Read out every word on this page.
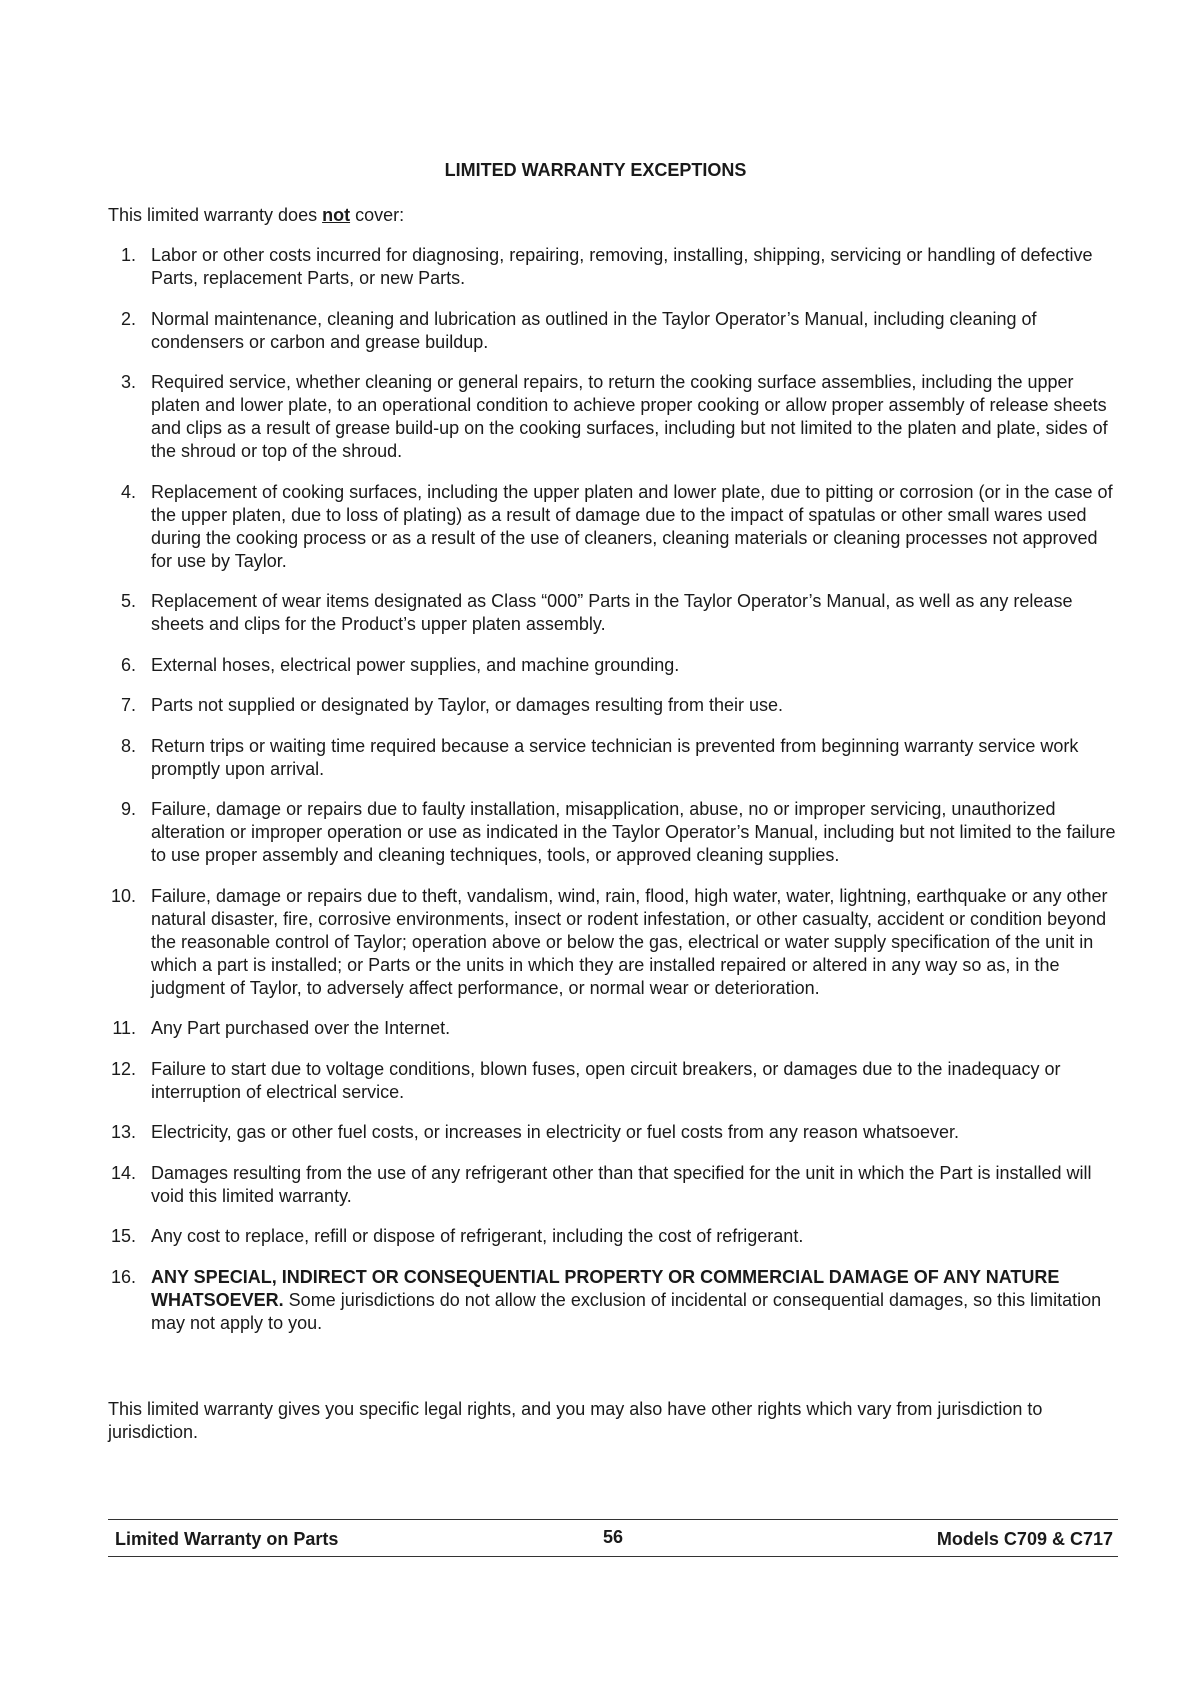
LIMITED WARRANTY EXCEPTIONS

This limited warranty does not cover:

1. Labor or other costs incurred for diagnosing, repairing, removing, installing, shipping, servicing or handling of defective Parts, replacement Parts, or new Parts.
2. Normal maintenance, cleaning and lubrication as outlined in the Taylor Operator’s Manual, including cleaning of condensers or carbon and grease buildup.
3. Required service, whether cleaning or general repairs, to return the cooking surface assemblies, including the upper platen and lower plate, to an operational condition to achieve proper cooking or allow proper assembly of release sheets and clips as a result of grease build-up on the cooking surfaces, including but not limited to the platen and plate, sides of the shroud or top of the shroud.
4. Replacement of cooking surfaces, including the upper platen and lower plate, due to pitting or corrosion (or in the case of the upper platen, due to loss of plating) as a result of damage due to the impact of spatulas or other small wares used during the cooking process or as a result of the use of cleaners, cleaning materials or cleaning processes not approved for use by Taylor.
5. Replacement of wear items designated as Class “000” Parts in the Taylor Operator’s Manual, as well as any release sheets and clips for the Product’s upper platen assembly.
6. External hoses, electrical power supplies, and machine grounding.
7. Parts not supplied or designated by Taylor, or damages resulting from their use.
8. Return trips or waiting time required because a service technician is prevented from beginning warranty service work promptly upon arrival.
9. Failure, damage or repairs due to faulty installation, misapplication, abuse, no or improper servicing, unauthorized alteration or improper operation or use as indicated in the Taylor Operator’s Manual, including but not limited to the failure to use proper assembly and cleaning techniques, tools, or approved cleaning supplies.
10. Failure, damage or repairs due to theft, vandalism, wind, rain, flood, high water, water, lightning, earthquake or any other natural disaster, fire, corrosive environments, insect or rodent infestation, or other casualty, accident or condition beyond the reasonable control of Taylor; operation above or below the gas, electrical or water supply specification of the unit in which a part is installed; or Parts or the units in which they are installed repaired or altered in any way so as, in the judgment of Taylor, to adversely affect performance, or normal wear or deterioration.
11. Any Part purchased over the Internet.
12. Failure to start due to voltage conditions, blown fuses, open circuit breakers, or damages due to the inadequacy or interruption of electrical service.
13. Electricity, gas or other fuel costs, or increases in electricity or fuel costs from any reason whatsoever.
14. Damages resulting from the use of any refrigerant other than that specified for the unit in which the Part is installed will void this limited warranty.
15. Any cost to replace, refill or dispose of refrigerant, including the cost of refrigerant.
16. ANY SPECIAL, INDIRECT OR CONSEQUENTIAL PROPERTY OR COMMERCIAL DAMAGE OF ANY NATURE WHATSOEVER. Some jurisdictions do not allow the exclusion of incidental or consequential damages, so this limitation may not apply to you.

This limited warranty gives you specific legal rights, and you may also have other rights which vary from jurisdiction to jurisdiction.

Limited Warranty on Parts	56	Models C709 & C717
